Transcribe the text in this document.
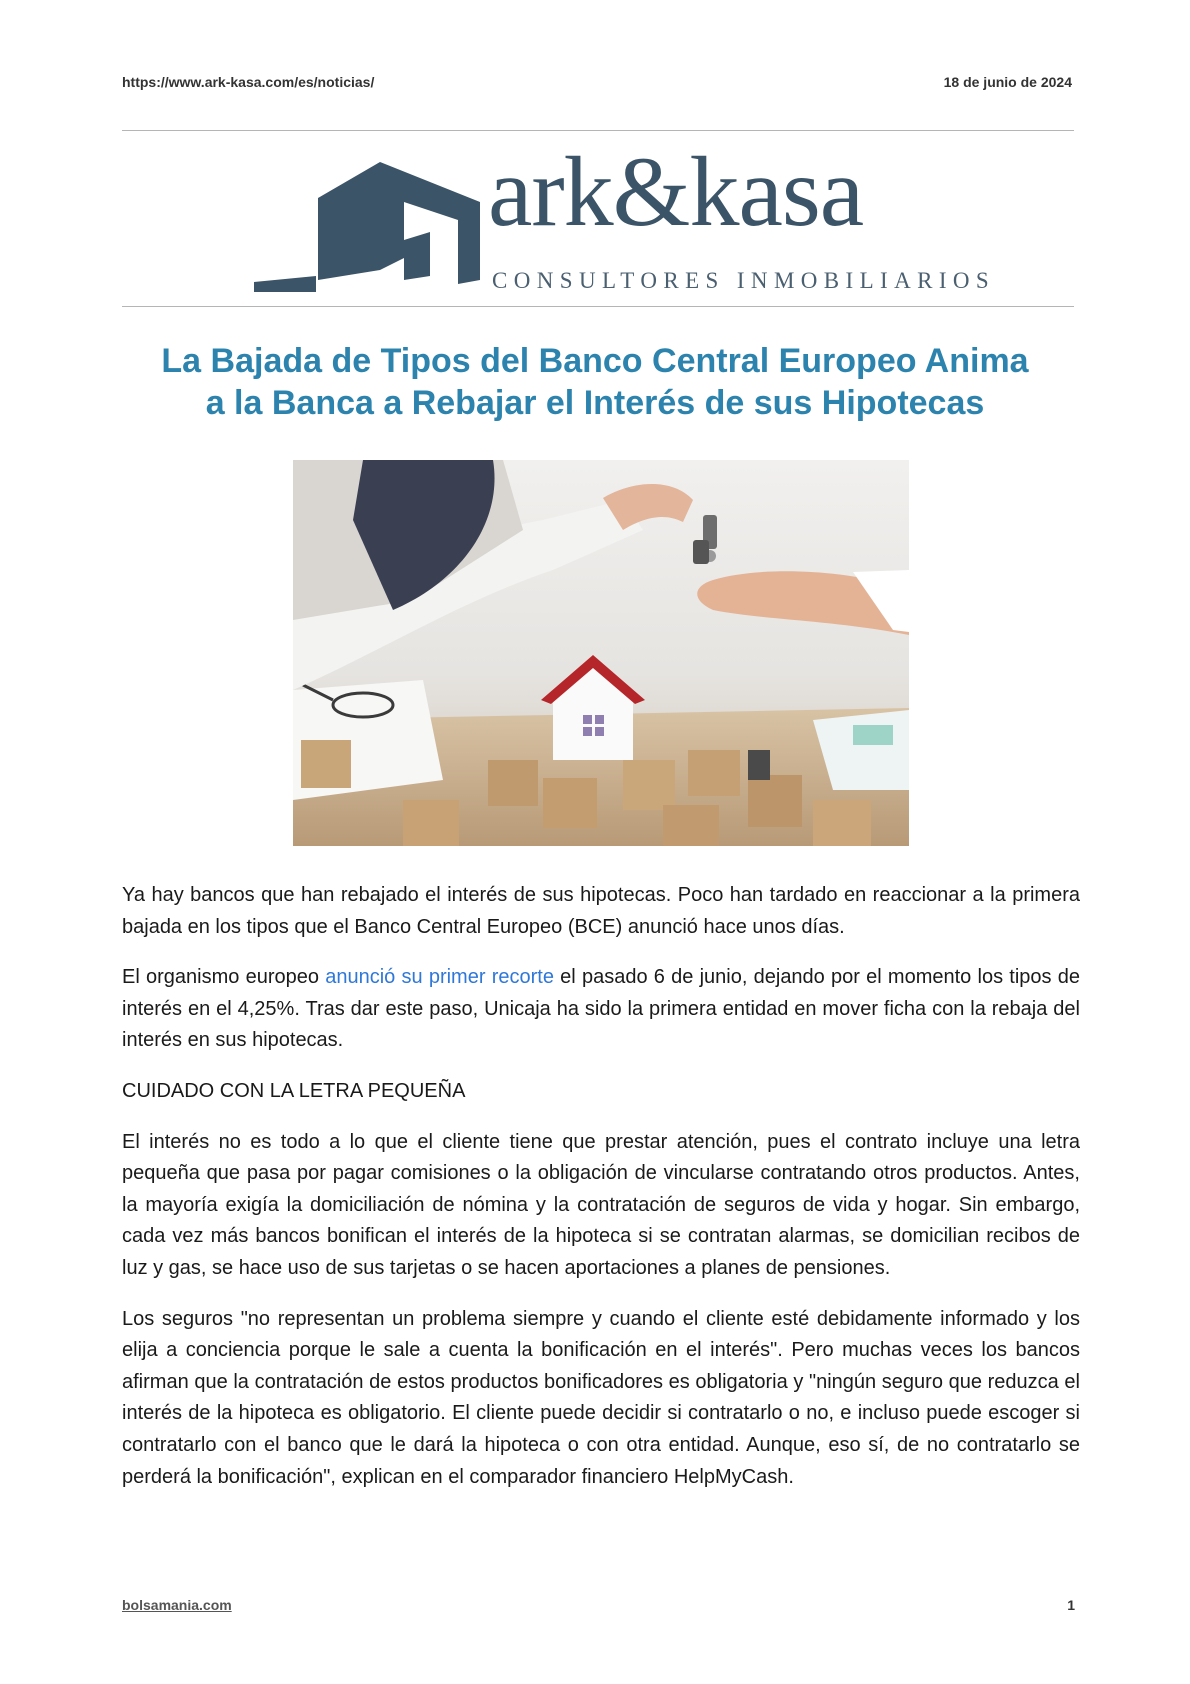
https://www.ark-kasa.com/es/noticias/	18 de junio de 2024
ark&kasa
CONSULTORES INMOBILIARIOS
La Bajada de Tipos del Banco Central Europeo Anima
a la Banca a Rebajar el Interés de sus Hipotecas

Ya hay bancos que han rebajado el interés de sus hipotecas. Poco han tardado en reaccionar a la primera bajada en los tipos que el Banco Central Europeo (BCE) anunció hace unos días.

El organismo europeo anunció su primer recorte el pasado 6 de junio, dejando por el momento los tipos de interés en el 4,25%. Tras dar este paso, Unicaja ha sido la primera entidad en mover ficha con la rebaja del interés en sus hipotecas.

CUIDADO CON LA LETRA PEQUEÑA

El interés no es todo a lo que el cliente tiene que prestar atención, pues el contrato incluye una letra pequeña que pasa por pagar comisiones o la obligación de vincularse contratando otros productos. Antes, la mayoría exigía la domiciliación de nómina y la contratación de seguros de vida y hogar. Sin embargo, cada vez más bancos bonifican el interés de la hipoteca si se contratan alarmas, se domicilian recibos de luz y gas, se hace uso de sus tarjetas o se hacen aportaciones a planes de pensiones.

Los seguros "no representan un problema siempre y cuando el cliente esté debidamente informado y los elija a conciencia porque le sale a cuenta la bonificación en el interés". Pero muchas veces los bancos afirman que la contratación de estos productos bonificadores es obligatoria y "ningún seguro que reduzca el interés de la hipoteca es obligatorio. El cliente puede decidir si contratarlo o no, e incluso puede escoger si contratarlo con el banco que le dará la hipoteca o con otra entidad. Aunque, eso sí, de no contratarlo se perderá la bonificación", explican en el comparador financiero HelpMyCash.

bolsamania.com	1
